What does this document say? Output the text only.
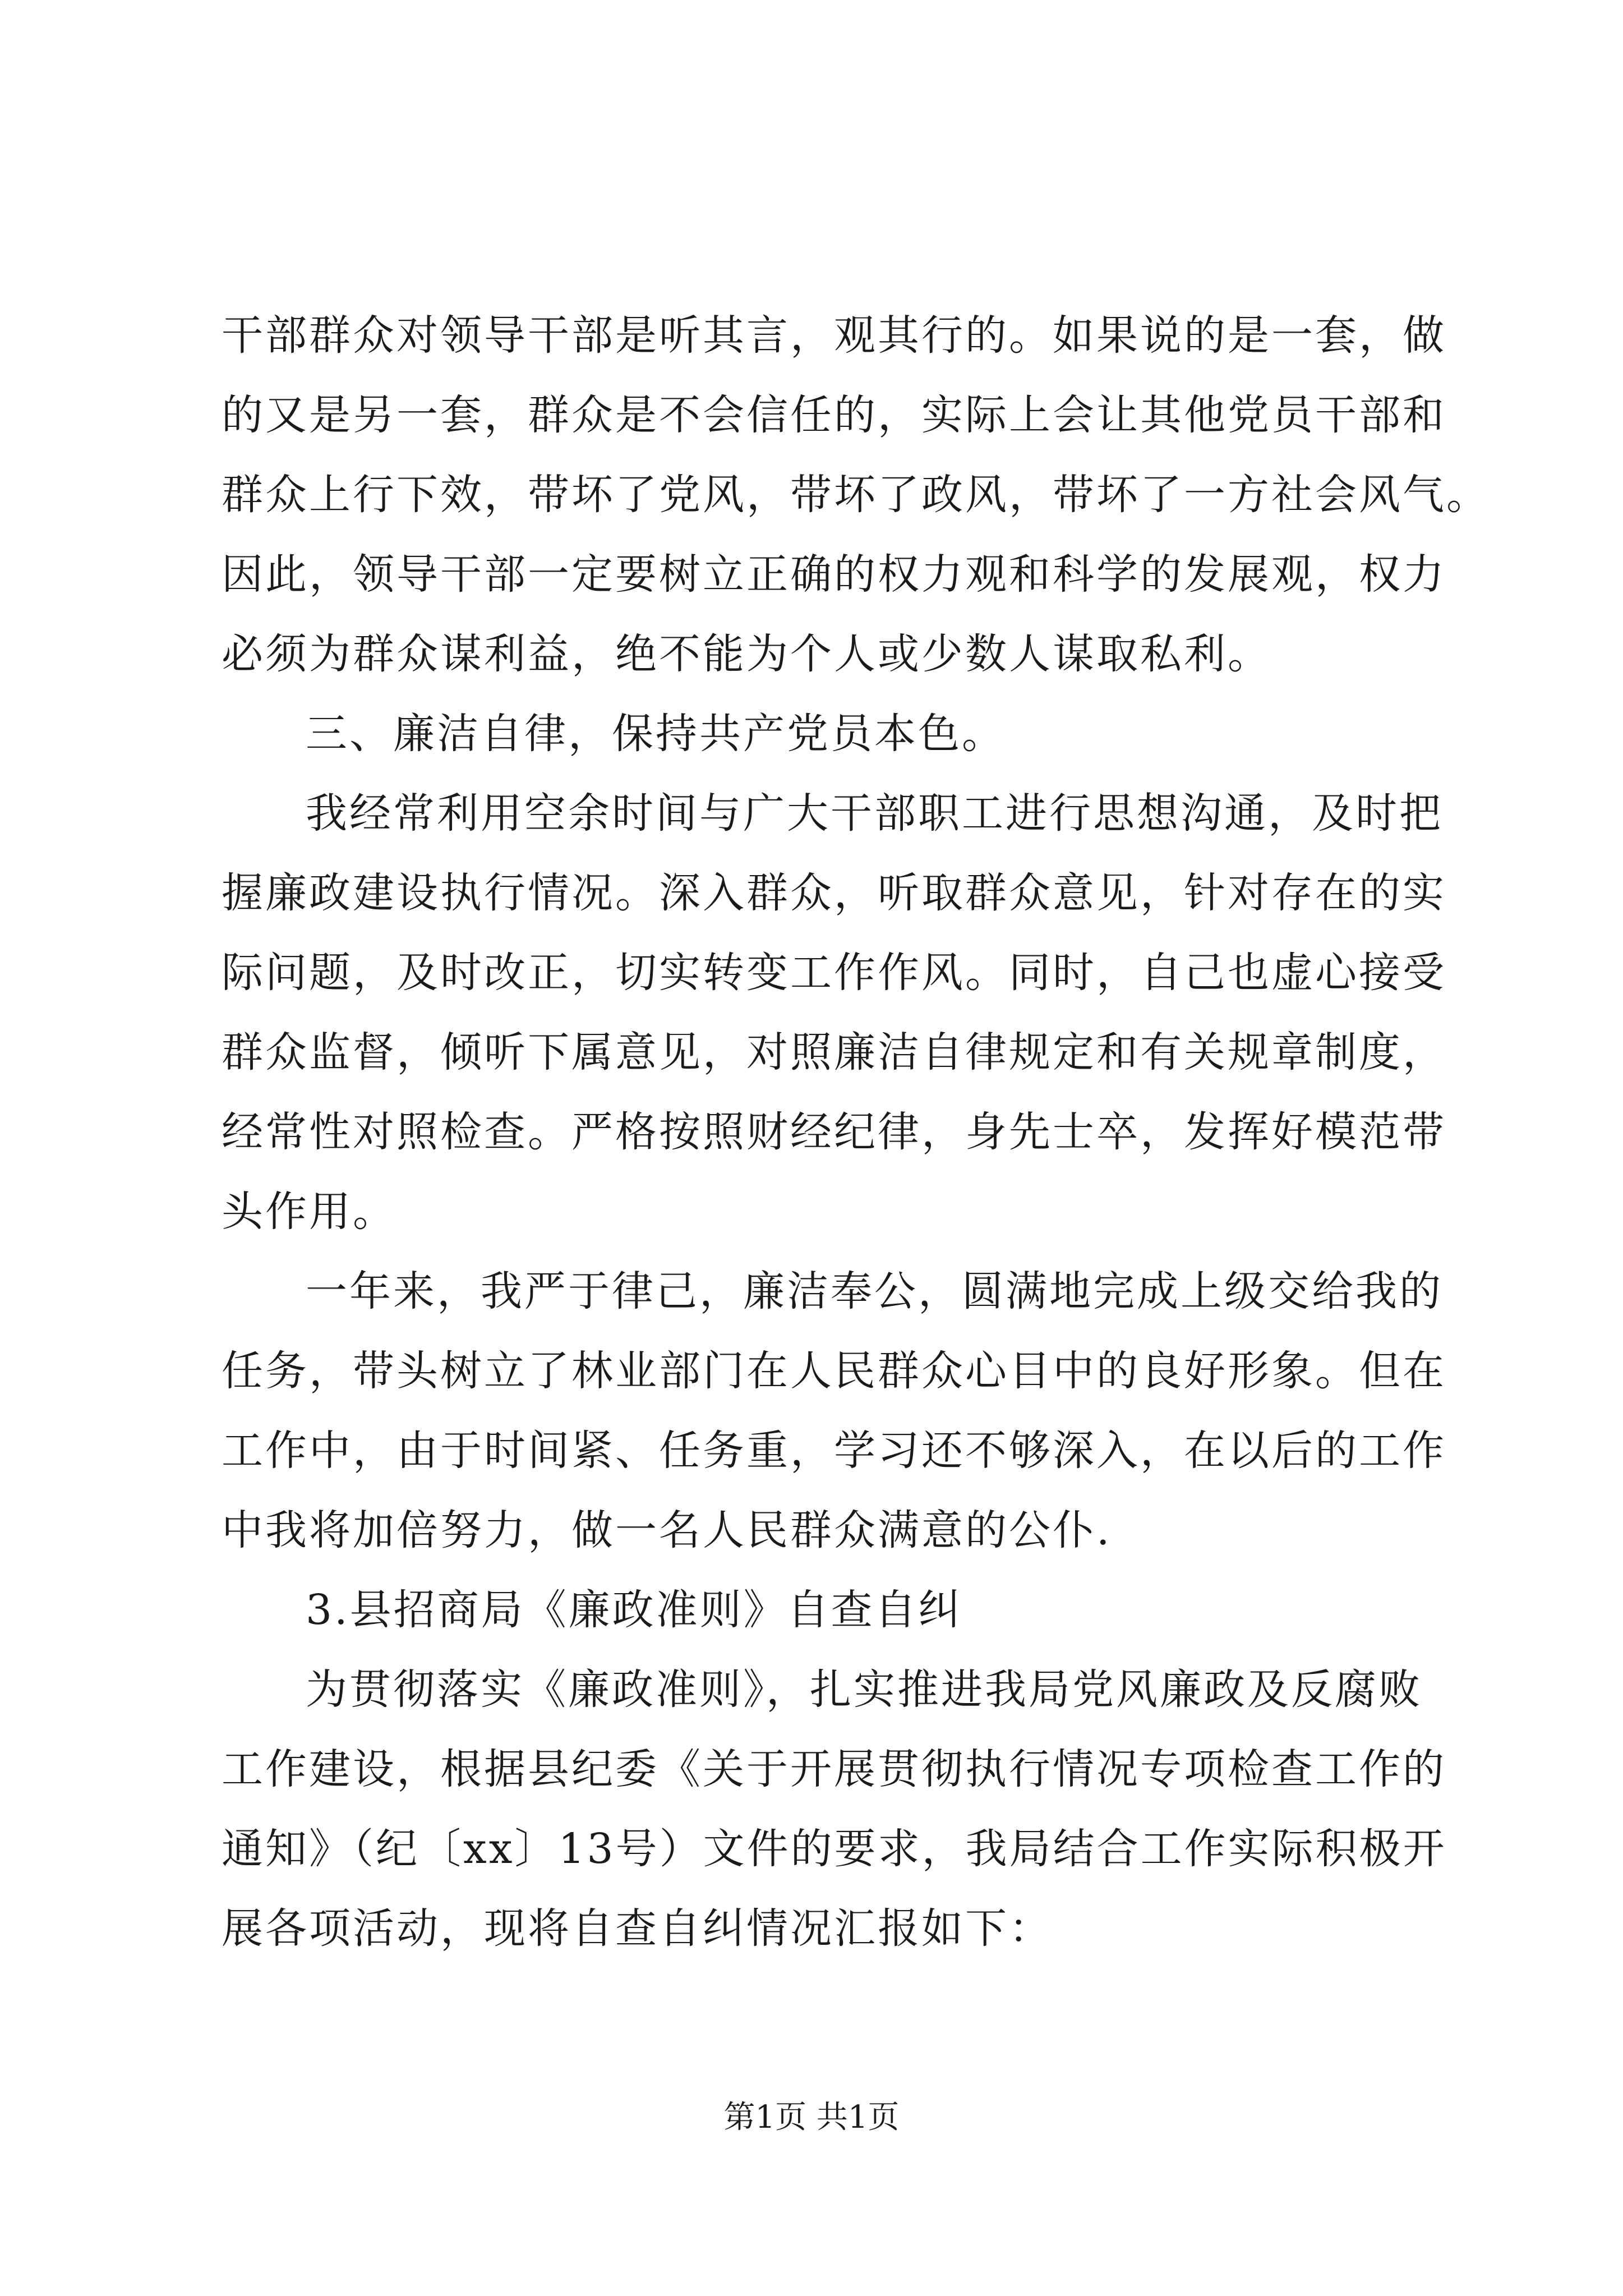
干部群众对领导干部是听其言，观其行的。如果说的是一套，做
的又是另一套，群众是不会信任的，实际上会让其他党员干部和
群众上行下效，带坏了党风，带坏了政风，带坏了一方社会风气。
因此，领导干部一定要树立正确的权力观和科学的发展观，权力
必须为群众谋利益，绝不能为个人或少数人谋取私利。
三、廉洁自律，保持共产党员本色。
我经常利用空余时间与广大干部职工进行思想沟通，及时把
握廉政建设执行情况。深入群众，听取群众意见，针对存在的实
际问题，及时改正，切实转变工作作风。同时，自己也虚心接受
群众监督，倾听下属意见，对照廉洁自律规定和有关规章制度，
经常性对照检查。严格按照财经纪律，身先士卒，发挥好模范带
头作用。
一年来，我严于律己，廉洁奉公，圆满地完成上级交给我的
任务，带头树立了林业部门在人民群众心目中的良好形象。但在
工作中，由于时间紧、任务重，学习还不够深入，在以后的工作
中我将加倍努力，做一名人民群众满意的公仆.
3.县招商局《廉政准则》自查自纠
为贯彻落实《廉政准则》，扎实推进我局党风廉政及反腐败
工作建设，根据县纪委《关于开展贯彻执行情况专项检查工作的
通知》（纪〔xx〕13号）文件的要求，我局结合工作实际积极开
展各项活动，现将自查自纠情况汇报如下：
第1页 共1页
